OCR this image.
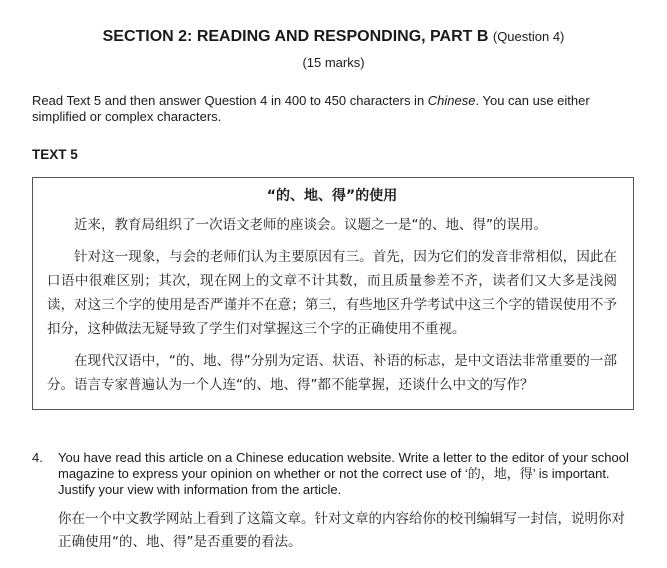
SECTION 2: READING AND RESPONDING, PART B (Question 4)
(15 marks)
Read Text 5 and then answer Question 4 in 400 to 450 characters in Chinese. You can use either simplified or complex characters.
TEXT 5
“的、地、得”的使用

近来，教育局组织了一次语文老师的座谈会。议题之一是“的、地、得”的误用。

针对这一现象，与会的老师们认为主要原因有三。首先，因为它们的发音非常相似，因此在口语中很难区别；其次，现在网上的文章不计其数，而且质量参差不齐，读者们又大多是浅阅读，对这三个字的使用是否严谨并不在意；第三，有些地区升学考试中这三个字的错误使用不予扣分，这种做法无疑导致了学生们对掌握这三个字的正确使用不重视。

在现代汉语中，“的、地、得”分别为定语、状语、补语的标志，是中文语法非常重要的一部分。语言专家普遍认为一个人连“的、地、得”都不能掌握，还谈什么中文的写作？

4. You have read this article on a Chinese education website. Write a letter to the editor of your school magazine to express your opinion on whether or not the correct use of ‘的，地，得’ is important. Justify your view with information from the article.

你在一个中文教学网站上看到了这篇文章。针对文章的内容给你的校刊编辑写一封信，说明你对正确使用“的、地、得”是否重要的看法。
